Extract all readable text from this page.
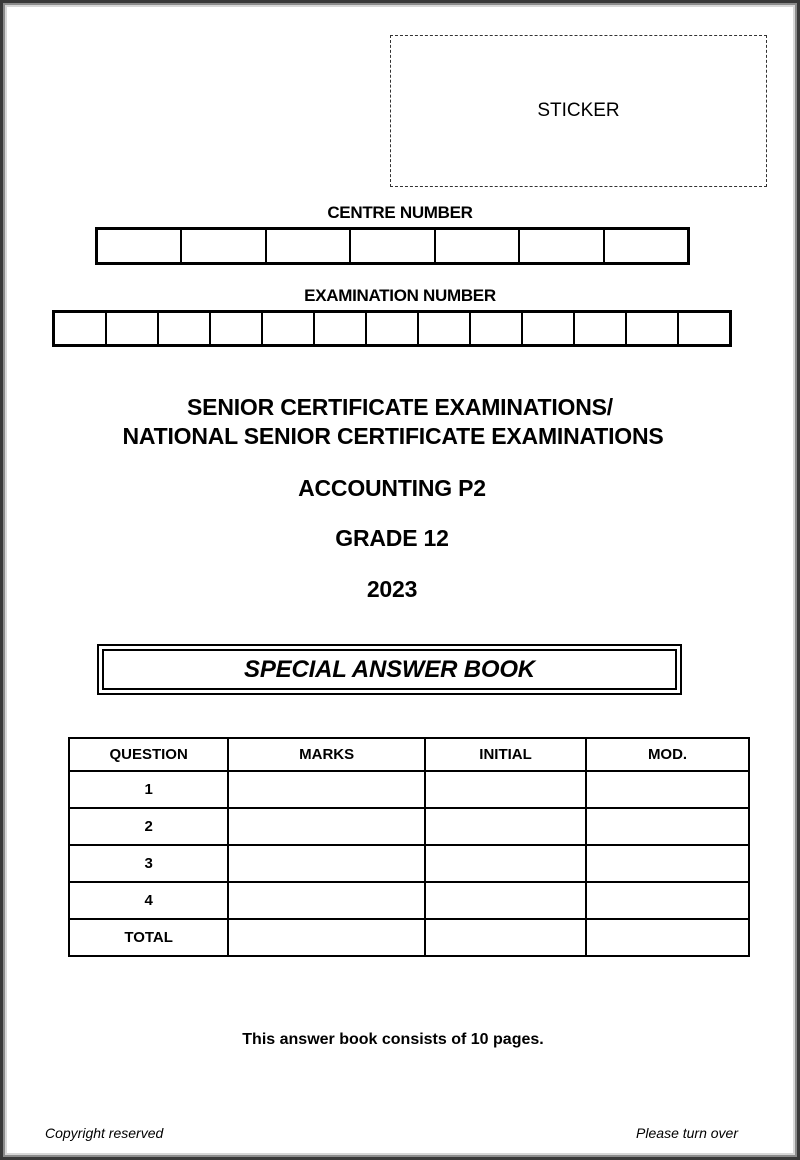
STICKER
CENTRE NUMBER
EXAMINATION NUMBER
SENIOR CERTIFICATE EXAMINATIONS/
NATIONAL SENIOR CERTIFICATE EXAMINATIONS
ACCOUNTING P2
GRADE 12
2023
SPECIAL ANSWER BOOK
QUESTION	MARKS	INITIAL	MOD.
1			
2			
3			
4			
TOTAL			
This answer book consists of 10 pages.
Copyright reserved	Please turn over
